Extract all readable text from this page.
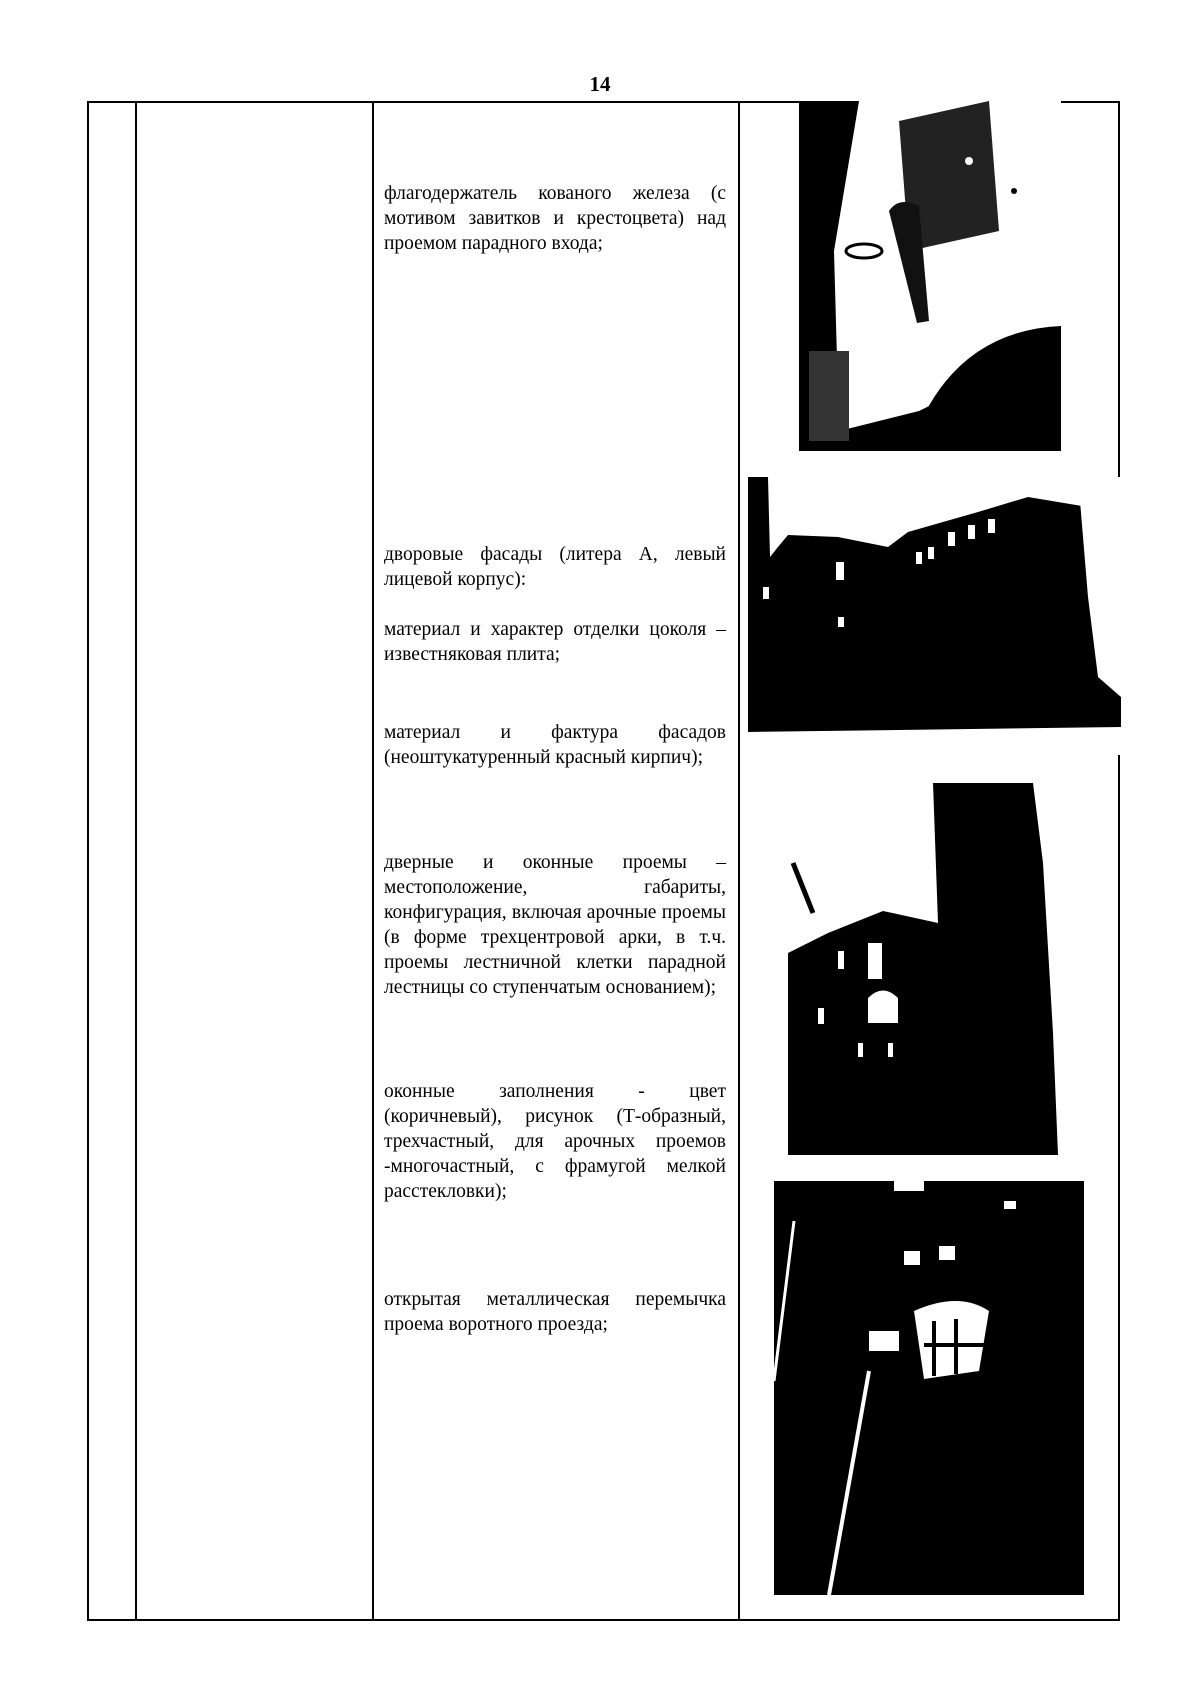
14
флагодержатель кованого железа (с мотивом завитков и крестоцвета) над проемом парадного входа;
дворовые фасады (литера А, левый лицевой корпус):
материал и характер отделки цоколя – известняковая плита;
материал и фактура фасадов (неоштукатуренный красный кирпич);
дверные и оконные проемы – местоположение, габариты, конфигурация, включая арочные проемы (в форме трехцентровой арки, в т.ч. проемы лестничной клетки парадной лестницы со ступенчатым основанием);
оконные заполнения - цвет (коричневый), рисунок (Т-образный, трехчастный, для арочных проемов -многочастный, с фрамугой мелкой расстекловки);
открытая металлическая перемычка проема воротного проезда;
